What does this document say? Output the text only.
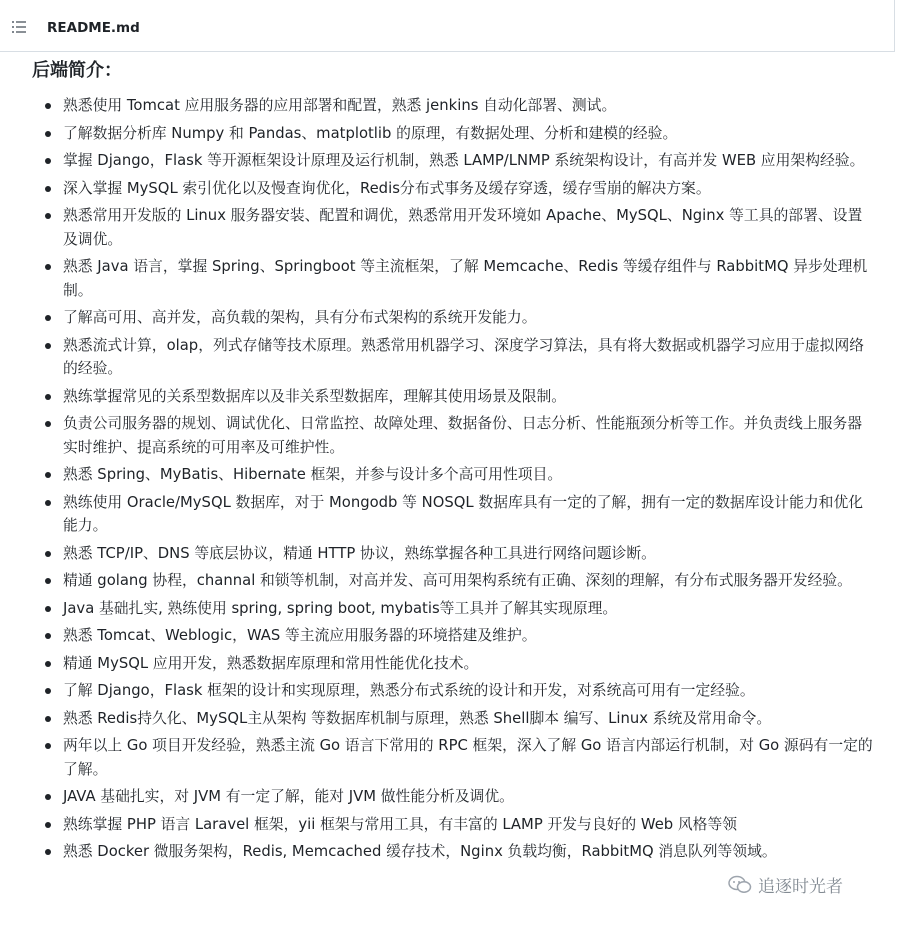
README.md
后端简介：
熟悉使用 Tomcat 应用服务器的应用部署和配置，熟悉 jenkins 自动化部署、测试。
了解数据分析库 Numpy 和 Pandas、matplotlib 的原理，有数据处理、分析和建模的经验。
掌握 Django，Flask 等开源框架设计原理及运行机制，熟悉 LAMP/LNMP 系统架构设计，有高并发 WEB 应用架构经验。
深入掌握 MySQL 索引优化以及慢查询优化，Redis分布式事务及缓存穿透，缓存雪崩的解决方案。
熟悉常用开发版的 Linux 服务器安装、配置和调优，熟悉常用开发环境如 Apache、MySQL、Nginx 等工具的部署、设置及调优。
熟悉 Java 语言，掌握 Spring、Springboot 等主流框架，了解 Memcache、Redis 等缓存组件与 RabbitMQ 异步处理机制。
了解高可用、高并发，高负载的架构，具有分布式架构的系统开发能力。
熟悉流式计算，olap，列式存储等技术原理。熟悉常用机器学习、深度学习算法，具有将大数据或机器学习应用于虚拟网络的经验。
熟练掌握常见的关系型数据库以及非关系型数据库，理解其使用场景及限制。
负责公司服务器的规划、调试优化、日常监控、故障处理、数据备份、日志分析、性能瓶颈分析等工作。并负责线上服务器实时维护、提高系统的可用率及可维护性。
熟悉 Spring、MyBatis、Hibernate 框架，并参与设计多个高可用性项目。
熟练使用 Oracle/MySQL 数据库，对于 Mongodb 等 NOSQL 数据库具有一定的了解，拥有一定的数据库设计能力和优化能力。
熟悉 TCP/IP、DNS 等底层协议，精通 HTTP 协议，熟练掌握各种工具进行网络问题诊断。
精通 golang 协程，channal 和锁等机制，对高并发、高可用架构系统有正确、深刻的理解，有分布式服务器开发经验。
Java 基础扎实, 熟练使用 spring, spring boot, mybatis等工具并了解其实现原理。
熟悉 Tomcat、Weblogic，WAS 等主流应用服务器的环境搭建及维护。
精通 MySQL 应用开发，熟悉数据库原理和常用性能优化技术。
了解 Django，Flask 框架的设计和实现原理，熟悉分布式系统的设计和开发，对系统高可用有一定经验。
熟悉 Redis持久化、MySQL主从架构 等数据库机制与原理，熟悉 Shell脚本 编写、Linux 系统及常用命令。
两年以上 Go 项目开发经验，熟悉主流 Go 语言下常用的 RPC 框架，深入了解 Go 语言内部运行机制，对 Go 源码有一定的了解。
JAVA 基础扎实，对 JVM 有一定了解，能对 JVM 做性能分析及调优。
熟练掌握 PHP 语言 Laravel 框架，yii 框架与常用工具，有丰富的 LAMP 开发与良好的 Web 风格等领
熟悉 Docker 微服务架构，Redis, Memcached 缓存技术，Nginx 负载均衡，RabbitMQ 消息队列等领域。
追逐时光者
